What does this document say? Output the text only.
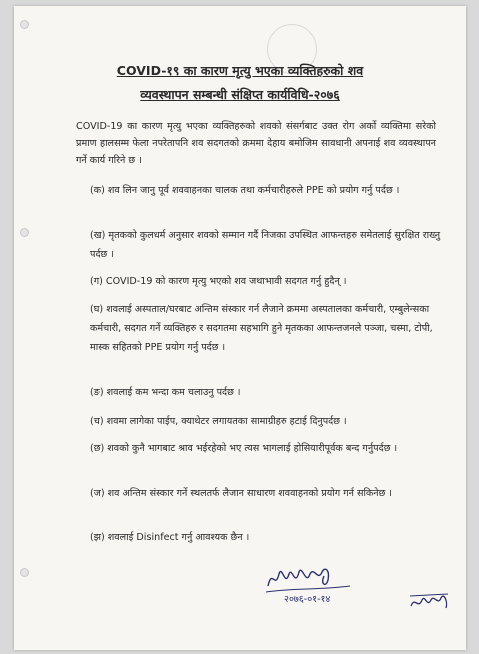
COVID-१९ का कारण मृत्यु भएका व्यक्तिहरुको शव
व्यवस्थापन सम्बन्धी संक्षिप्त कार्यविधि-२०७६
COVID-19 का कारण मृत्यु भएका व्यक्तिहरुको शवको संसर्गबाट उक्त रोग अर्को व्यक्तिमा सरेको प्रमाण हालसम्म फेला नपरेतापनि शव सदगतको क्रममा देहाय बमोजिम सावधानी अपनाई शव व्यवस्थापन गर्ने कार्य गरिने छ ।
(क) शव लिन जानु पूर्व शववाहनका चालक तथा कर्मचारीहरुले PPE को प्रयोग गर्नु पर्दछ ।
(ख) मृतकको कुलधर्म अनुसार शवको सम्मान गर्दै निजका उपस्थित आफन्तहरु समेतलाई सुरक्षित राख्नु पर्दछ ।
(ग) COVID-19 को कारण मृत्यु भएको शव जथाभावी सदगत गर्नु हुदैन् ।
(घ) शवलाई अस्पताल/घरबाट अन्तिम संस्कार गर्न लैजाने क्रममा अस्पतालका कर्मचारी, एम्बुलेन्सका कर्मचारी, सदगत गर्ने व्यक्तिहरु र सदगतमा सहभागि हुने मृतकका आफन्तजनले पञ्जा, चस्मा, टोपी, मास्क सहितको PPE प्रयोग गर्नु पर्दछ ।
(ङ) शवलाई कम भन्दा कम चलाउनु पर्दछ ।
(च) शवमा लागेका पाईप, क्याथेटर लगायतका सामाग्रीहरु हटाई दिनुपर्दछ ।
(छ) शवको कुनै भागबाट श्राव भईरहेको भए त्यस भागलाई होसियारीपूर्वक बन्द गर्नुपर्दछ ।
(ज) शव अन्तिम संस्कार गर्ने स्थलतर्फ लैजान साधारण शववाहनको प्रयोग गर्न सकिनेछ ।
(झ) शवलाई Disinfect गर्नु आवश्यक छैन ।
२०७६-०१-१४
